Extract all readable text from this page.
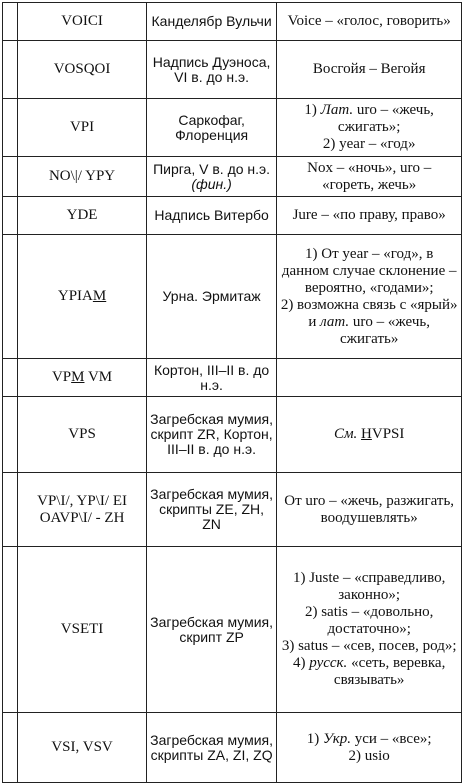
	VOICI	Канделябр Вульчи	Voice – «голос, говорить»
	VOSQOI	Надпись Дуэноса, VI в. до н.э.	Восгойя – Вегойя
	VPI	Саркофаг, Флоренция	1) Лат. uro – «жечь, сжигать»;
2) year – «год»

	NO\|/ YPY	Пирга, V в. до н.э. (фин.)	Nox – «ночь», uro – «гореть, жечь»
	YDE	Надпись Витербо	Jure – «по праву, право»
	YPIAM	Урна. Эрмитаж	1) От year – «год», в данном случае склонение – вероятно, «годами»;
2) возможна связь с «ярый» и лат. uro – «жечь, сжигать»

	VPM VM	Кортон, III–II в. до н.э.	
	VPS	Загребская мумия, скрипт ZR, Кортон, III–II в. до н.э.	См. HVPSI
	VP\I/, YP\I/ EI OAVP\I/ - ZH	Загребская мумия, скрипты ZE, ZH, ZN	От uro – «жечь, разжигать, воодушевлять»
	VSETI	Загребская мумия, скрипт ZP	1) Juste – «справедливо, законно»;
2) satis – «довольно, достаточно»;
3) satus – «сев, посев, род»;
4) русск. «сеть, веревка, связывать»

	VSI, VSV	Загребская мумия, скрипты ZA, ZI, ZQ	1) Укр. уси – «все»;
2) usio
